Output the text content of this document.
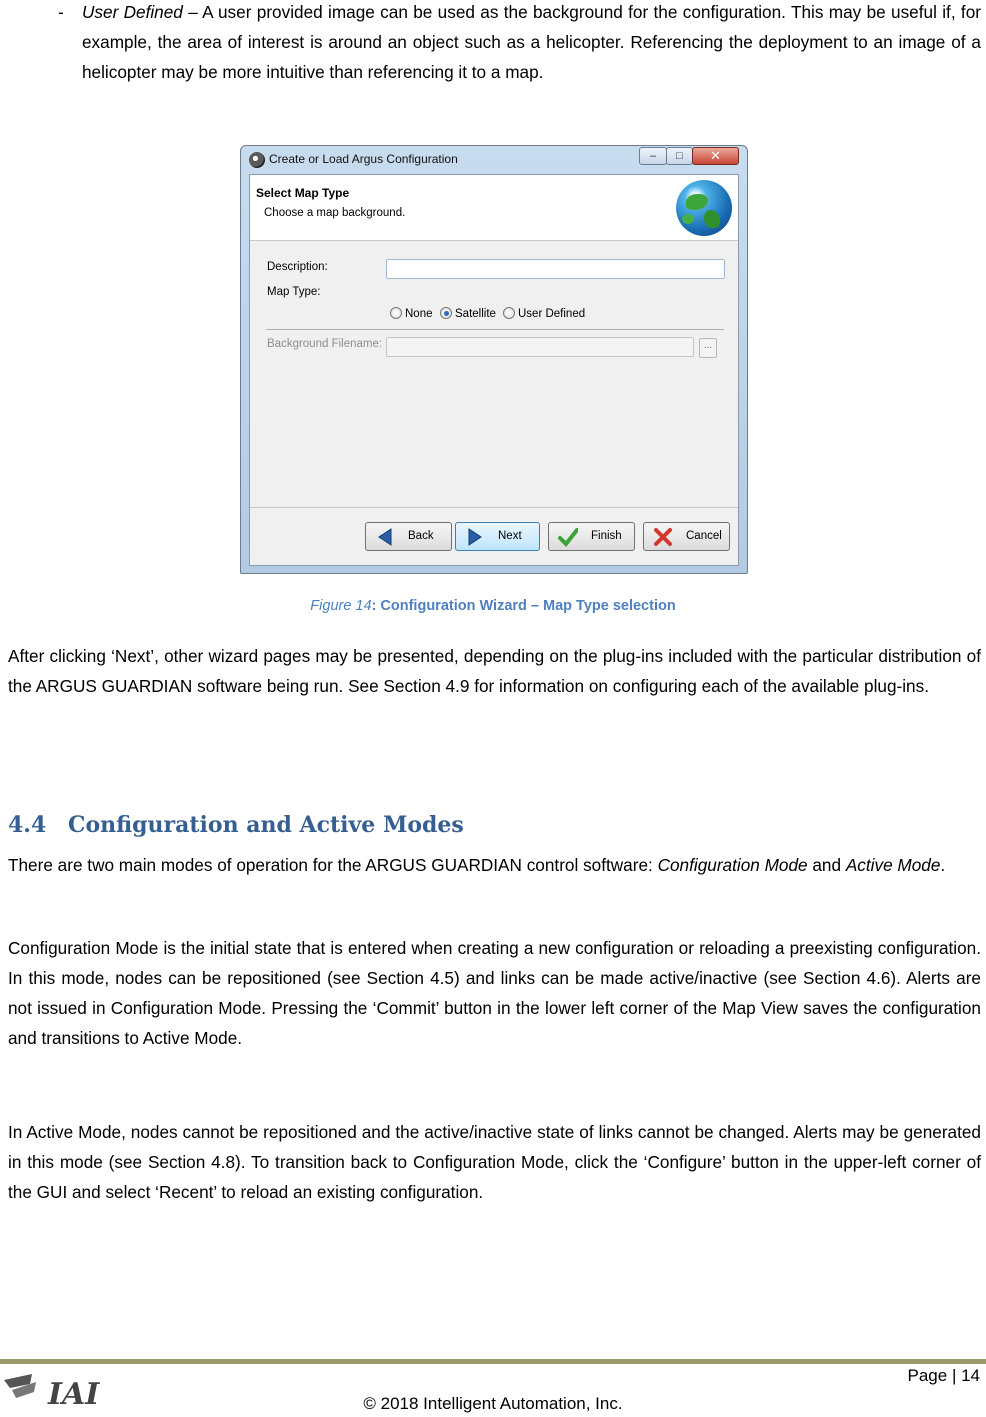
- User Defined – A user provided image can be used as the background for the configuration. This may be useful if, for example, the area of interest is around an object such as a helicopter. Referencing the deployment to an image of a helicopter may be more intuitive than referencing it to a map.

Create or Load Argus Configuration	–	□	✕
Select Map Type
Choose a map background.
Description:
Map Type:
None	Satellite	User Defined
Background Filename:	...
Back	Next	Finish	Cancel
Figure 14: Configuration Wizard – Map Type selection

After clicking ‘Next’, other wizard pages may be presented, depending on the plug-ins included with the particular distribution of the ARGUS GUARDIAN software being run. See Section 4.9 for information on configuring each of the available plug-ins.

4.4 Configuration and Active Modes

There are two main modes of operation for the ARGUS GUARDIAN control software: Configuration Mode and Active Mode.

Configuration Mode is the initial state that is entered when creating a new configuration or reloading a preexisting configuration. In this mode, nodes can be repositioned (see Section 4.5) and links can be made active/inactive (see Section 4.6). Alerts are not issued in Configuration Mode. Pressing the ‘Commit’ button in the lower left corner of the Map View saves the configuration and transitions to Active Mode.

In Active Mode, nodes cannot be repositioned and the active/inactive state of links cannot be changed. Alerts may be generated in this mode (see Section 4.8). To transition back to Configuration Mode, click the ‘Configure’ button in the upper-left corner of the GUI and select ‘Recent’ to reload an existing configuration.

IAI
Page | 14
© 2018 Intelligent Automation, Inc.
